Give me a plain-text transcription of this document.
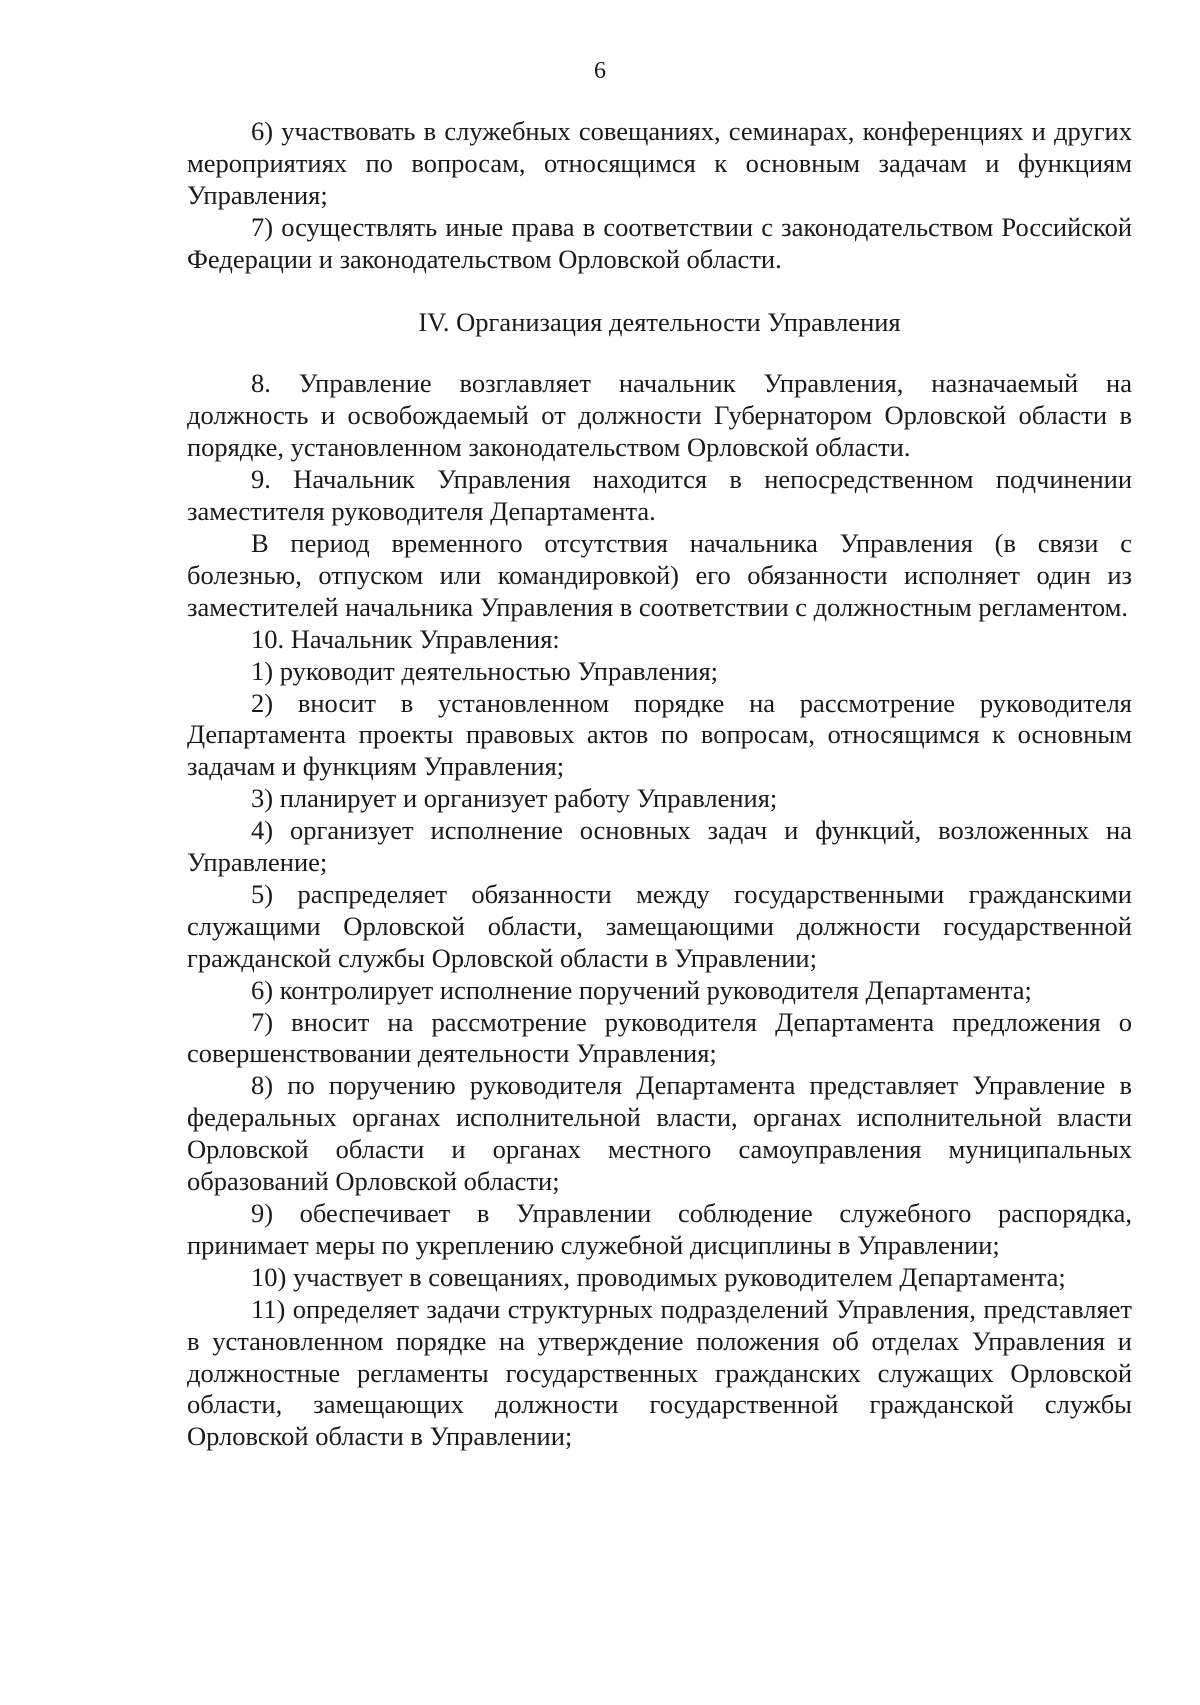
6

6) участвовать в служебных совещаниях, семинарах, конференциях и других мероприятиях по вопросам, относящимся к основным задачам и функциям Управления;

7) осуществлять иные права в соответствии с законодательством Российской Федерации и законодательством Орловской области.

IV. Организация деятельности Управления

8. Управление возглавляет начальник Управления, назначаемый на должность и освобождаемый от должности Губернатором Орловской области в порядке, установленном законодательством Орловской области.

9. Начальник Управления находится в непосредственном подчинении заместителя руководителя Департамента.

В период временного отсутствия начальника Управления (в связи с болезнью, отпуском или командировкой) его обязанности исполняет один из заместителей начальника Управления в соответствии с должностным регламентом.

10. Начальник Управления:

1) руководит деятельностью Управления;

2) вносит в установленном порядке на рассмотрение руководителя Департамента проекты правовых актов по вопросам, относящимся к основным задачам и функциям Управления;

3) планирует и организует работу Управления;

4) организует исполнение основных задач и функций, возложенных на Управление;

5) распределяет обязанности между государственными гражданскими служащими Орловской области, замещающими должности государственной гражданской службы Орловской области в Управлении;

6) контролирует исполнение поручений руководителя Департамента;

7) вносит на рассмотрение руководителя Департамента предложения о совершенствовании деятельности Управления;

8) по поручению руководителя Департамента представляет Управление в федеральных органах исполнительной власти, органах исполнительной власти Орловской области и органах местного самоуправления муниципальных образований Орловской области;

9) обеспечивает в Управлении соблюдение служебного распорядка, принимает меры по укреплению служебной дисциплины в Управлении;

10) участвует в совещаниях, проводимых руководителем Департамента;

11) определяет задачи структурных подразделений Управления, представляет в установленном порядке на утверждение положения об отделах Управления и должностные регламенты государственных гражданских служащих Орловской области, замещающих должности государственной гражданской службы Орловской области в Управлении;
